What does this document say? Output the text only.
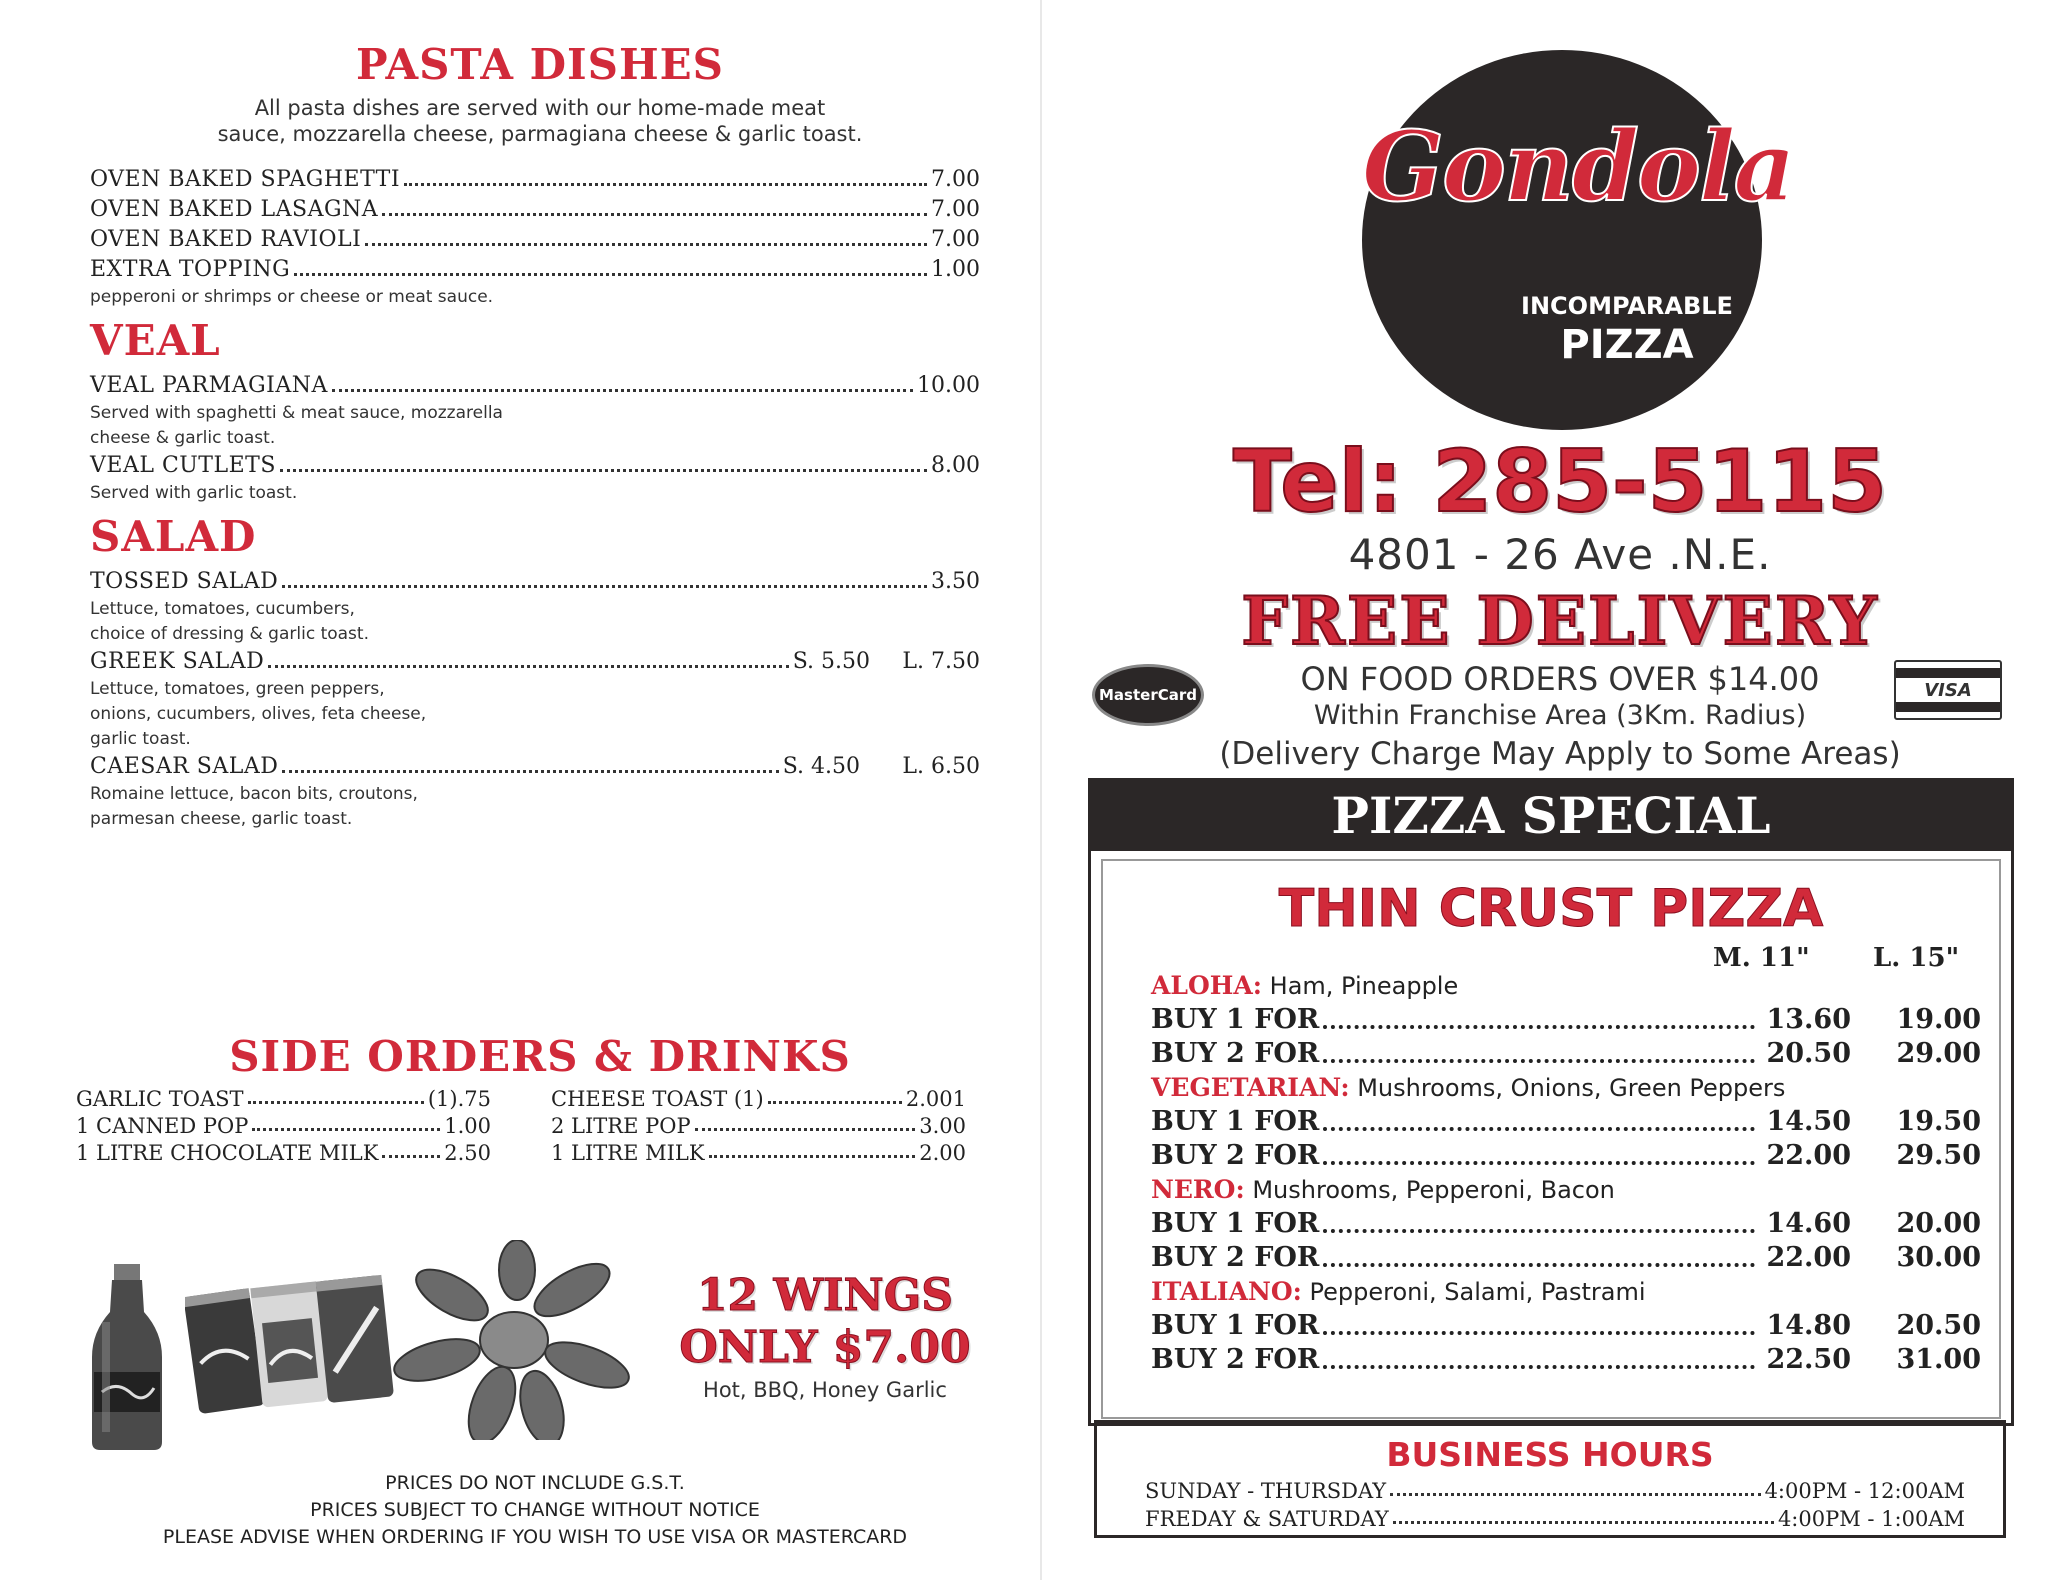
PASTA DISHES
All pasta dishes are served with our home-made meat
sauce, mozzarella cheese, parmagiana cheese & garlic toast.
OVEN BAKED SPAGHETTI	7.00
OVEN BAKED LASAGNA	7.00
OVEN BAKED RAVIOLI	7.00
EXTRA TOPPING	1.00
pepperoni or shrimps or cheese or meat sauce.
VEAL
VEAL PARMAGIANA	10.00
Served with spaghetti & meat sauce, mozzarella
cheese & garlic toast.
VEAL CUTLETS	8.00
Served with garlic toast.
SALAD
TOSSED SALAD	3.50
Lettuce, tomatoes, cucumbers,
choice of dressing & garlic toast.
GREEK SALAD	S. 5.50	L. 7.50
Lettuce, tomatoes, green peppers,
onions, cucumbers, olives, feta cheese,
garlic toast.
CAESAR SALAD	S. 4.50	L. 6.50
Romaine lettuce, bacon bits, croutons,
parmesan cheese, garlic toast.
SIDE ORDERS & DRINKS
GARLIC TOAST	(1).75	CHEESE TOAST (1)	2.001
1 CANNED POP	1.00	2 LITRE POP	3.00
1 LITRE CHOCOLATE MILK	2.50	1 LITRE MILK	2.00
12 WINGS
ONLY $7.00
Hot, BBQ, Honey Garlic
PRICES DO NOT INCLUDE G.S.T.
PRICES SUBJECT TO CHANGE WITHOUT NOTICE
PLEASE ADVISE WHEN ORDERING IF YOU WISH TO USE VISA OR MASTERCARD
Gondola
INCOMPARABLE
PIZZA
Tel: 285-5115
4801 - 26 Ave .N.E.
FREE DELIVERY
MasterCard	VISA
ON FOOD ORDERS OVER $14.00
Within Franchise Area (3Km. Radius)
(Delivery Charge May Apply to Some Areas)
PIZZA SPECIAL
THIN CRUST PIZZA
M. 11" L. 15"
ALOHA: Ham, Pineapple
BUY 1 FOR	13.60	19.00
BUY 2 FOR	20.50	29.00
VEGETARIAN: Mushrooms, Onions, Green Peppers
BUY 1 FOR	14.50	19.50
BUY 2 FOR	22.00	29.50
NERO: Mushrooms, Pepperoni, Bacon
BUY 1 FOR	14.60	20.00
BUY 2 FOR	22.00	30.00
ITALIANO: Pepperoni, Salami, Pastrami
BUY 1 FOR	14.80	20.50
BUY 2 FOR	22.50	31.00
BUSINESS HOURS
SUNDAY - THURSDAY	4:00PM - 12:00AM
FREDAY & SATURDAY	4:00PM - 1:00AM
